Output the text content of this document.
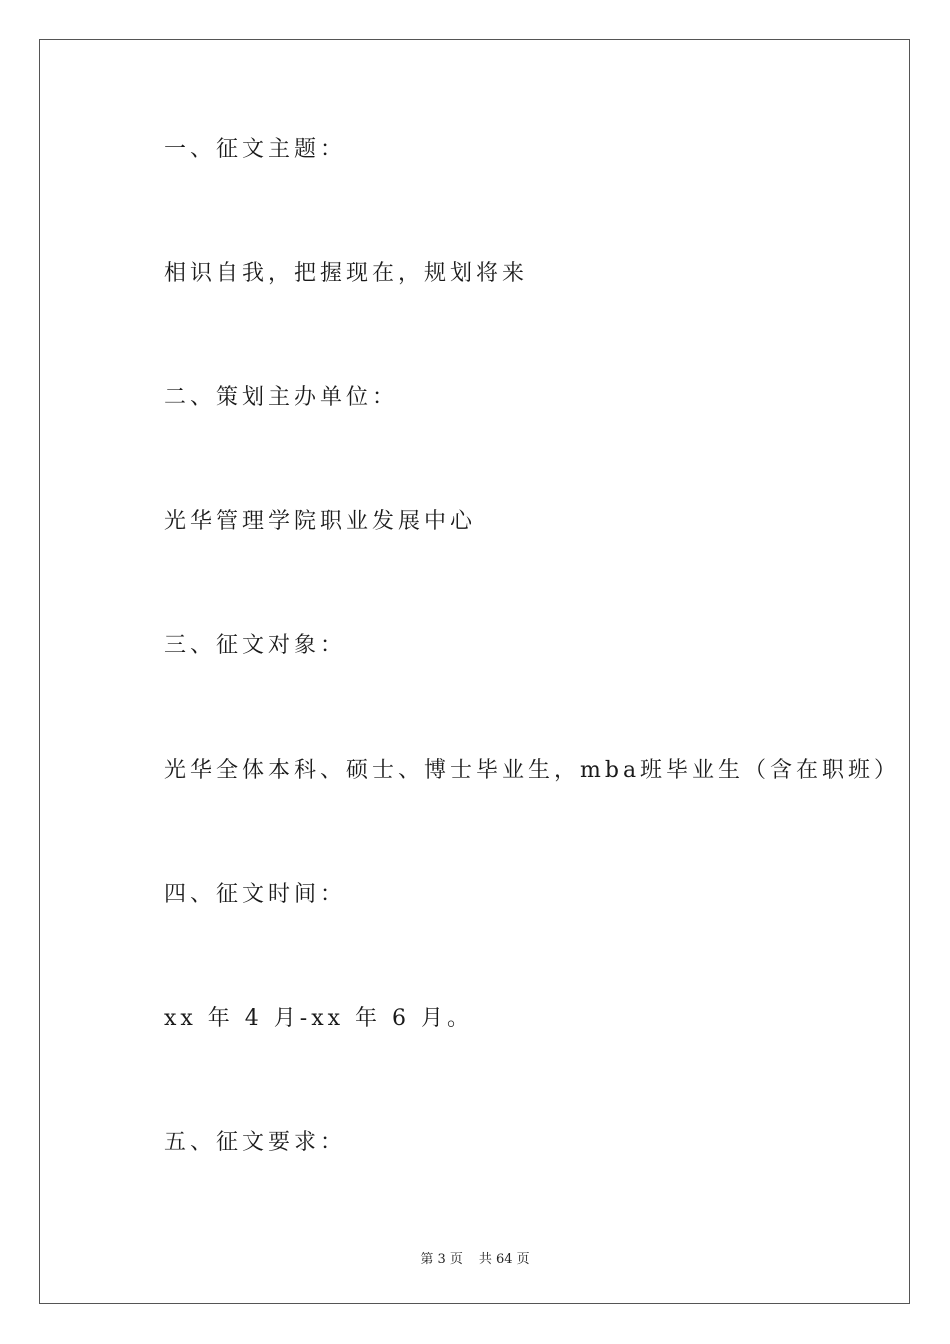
一、征文主题：
相识自我，把握现在，规划将来
二、策划主办单位：
光华管理学院职业发展中心
三、征文对象：
光华全体本科、硕士、博士毕业生，mba班毕业生（含在职班）
四、征文时间：
xx 年 4 月-xx 年 6 月。
五、征文要求：
第 3 页 共 64 页
